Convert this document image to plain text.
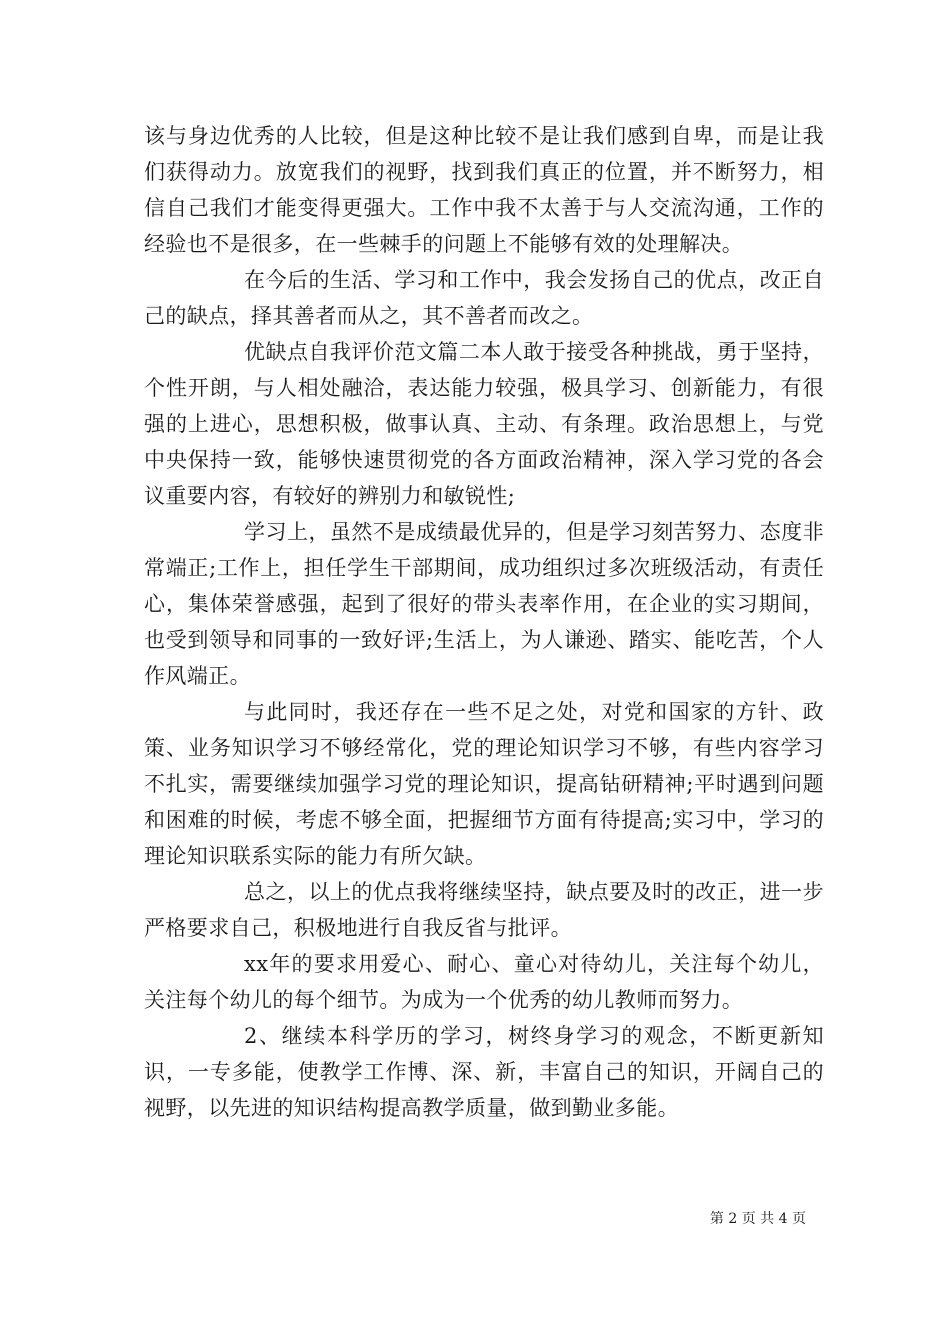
该与身边优秀的人比较，但是这种比较不是让我们感到自卑，而是让我们获得动力。放宽我们的视野，找到我们真正的位置，并不断努力，相信自己我们才能变得更强大。工作中我不太善于与人交流沟通，工作的经验也不是很多，在一些棘手的问题上不能够有效的处理解决。

在今后的生活、学习和工作中，我会发扬自己的优点，改正自己的缺点，择其善者而从之，其不善者而改之。

优缺点自我评价范文篇二本人敢于接受各种挑战，勇于坚持，个性开朗，与人相处融洽，表达能力较强，极具学习、创新能力，有很强的上进心，思想积极，做事认真、主动、有条理。政治思想上，与党中央保持一致，能够快速贯彻党的各方面政治精神，深入学习党的各会议重要内容，有较好的辨别力和敏锐性;

学习上，虽然不是成绩最优异的，但是学习刻苦努力、态度非常端正;工作上，担任学生干部期间，成功组织过多次班级活动，有责任心，集体荣誉感强，起到了很好的带头表率作用，在企业的实习期间，也受到领导和同事的一致好评;生活上，为人谦逊、踏实、能吃苦，个人作风端正。

与此同时，我还存在一些不足之处，对党和国家的方针、政策、业务知识学习不够经常化，党的理论知识学习不够，有些内容学习不扎实，需要继续加强学习党的理论知识，提高钻研精神;平时遇到问题和困难的时候，考虑不够全面，把握细节方面有待提高;实习中，学习的理论知识联系实际的能力有所欠缺。

总之，以上的优点我将继续坚持，缺点要及时的改正，进一步严格要求自己，积极地进行自我反省与批评。

xx年的要求用爱心、耐心、童心对待幼儿，关注每个幼儿，关注每个幼儿的每个细节。为成为一个优秀的幼儿教师而努力。

2、继续本科学历的学习，树终身学习的观念，不断更新知识，一专多能，使教学工作博、深、新，丰富自己的知识，开阔自己的视野，以先进的知识结构提高教学质量，做到勤业多能。

第 2 页 共 4 页
